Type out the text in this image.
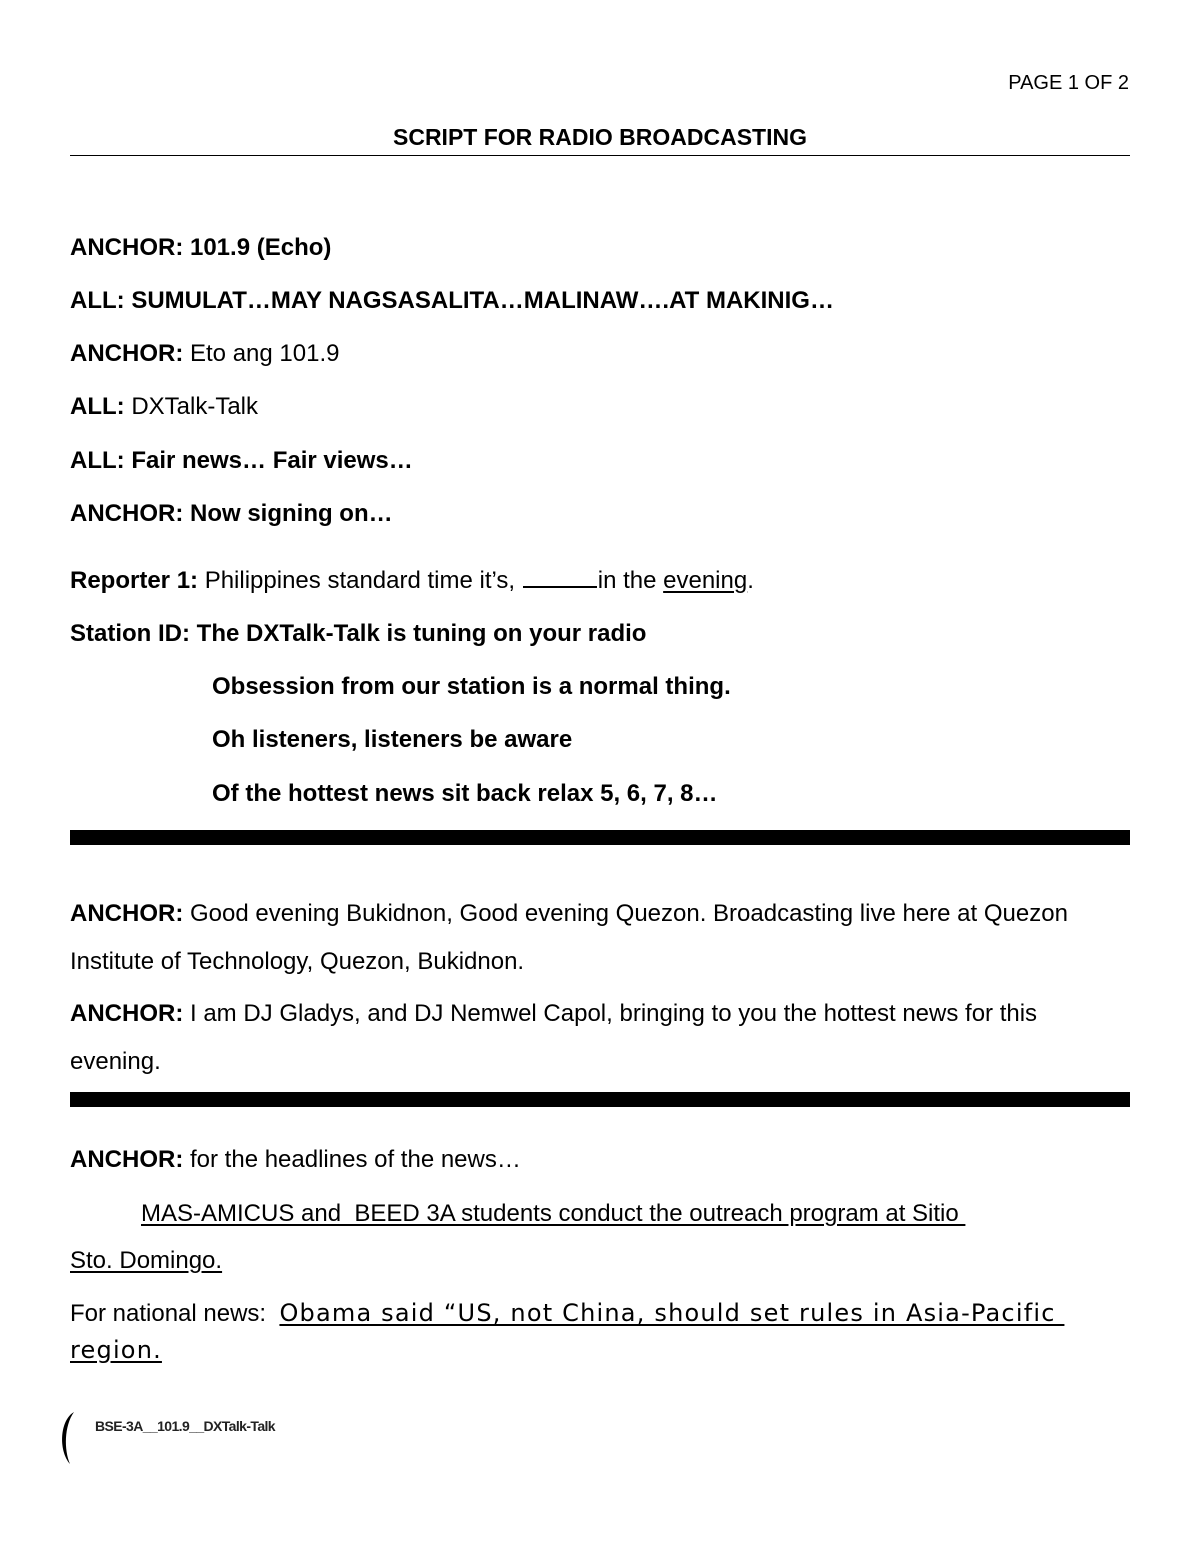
PAGE 1 OF 2
SCRIPT FOR RADIO BROADCASTING
ANCHOR: 101.9 (Echo)
ALL: SUMULAT…MAY NAGSASALITA…MALINAW….AT MAKINIG…
ANCHOR: Eto ang 101.9
ALL: DXTalk-Talk
ALL: Fair news… Fair views…
ANCHOR: Now signing on…
Reporter 1: Philippines standard time it’s,	in the evening.
Station ID: The DXTalk-Talk is tuning on your radio
Obsession from our station is a normal thing.
Oh listeners, listeners be aware
Of the hottest news sit back relax 5, 6, 7, 8…
ANCHOR: Good evening Bukidnon, Good evening Quezon. Broadcasting live here at Quezon Institute of Technology, Quezon, Bukidnon.
ANCHOR: I am DJ Gladys, and DJ Nemwel Capol, bringing to you the hottest news for this evening.
ANCHOR: for the headlines of the news…
MAS-AMICUS and  BEED 3A students conduct the outreach program at Sitio
Sto. Domingo.
For national news:  Obama said “US, not China, should set rules in Asia-Pacific
region.
BSE-3A__101.9__DXTalk-Talk
